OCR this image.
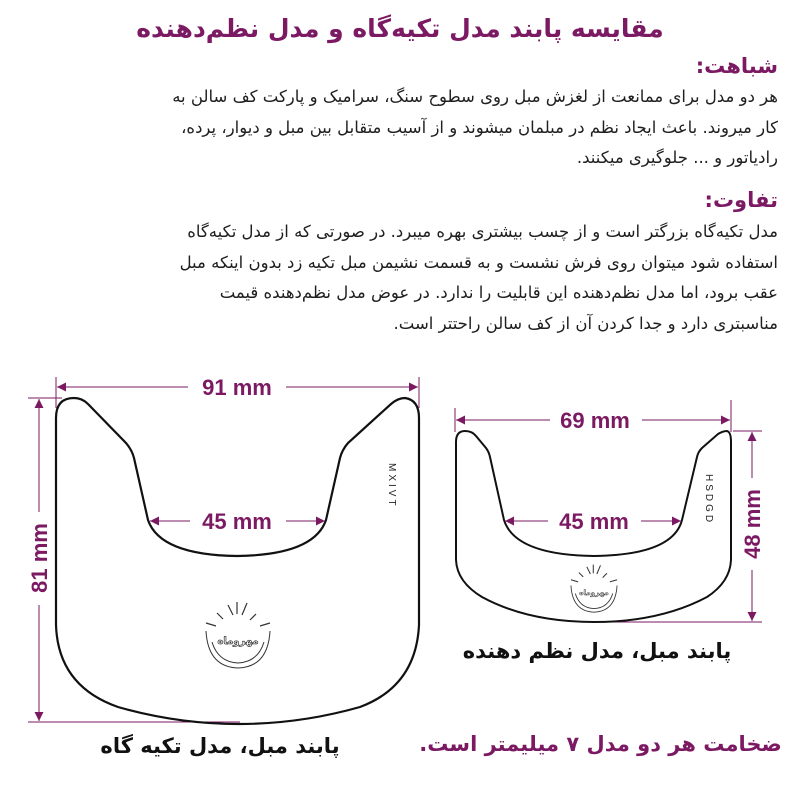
مقایسه پابند مدل تکیه‌گاه و مدل نظم‌دهنده
شباهت:

هر دو مدل برای ممانعت از لغزش مبل روی سطوح سنگ، سرامیک و پارکت کف سالن به
کار میروند. باعث ایجاد نظم در مبلمان میشوند و از آسیب متقابل بین مبل و دیوار، پرده،
رادیاتور و ... جلوگیری میکنند.

تفاوت:

مدل تکیه‌گاه بزرگتر است و از چسب بیشتری بهره میبرد. در صورتی که از مدل تکیه‌گاه
استفاده شود میتوان روی فرش نشست و به قسمت نشیمن مبل تکیه زد بدون اینکه مبل
عقب برود، اما مدل نظم‌دهنده این قابلیت را ندارد. در عوض مدل نظم‌دهنده قیمت
مناسبتری دارد و جدا کردن آن از کف سالن راحتتر است.

91 mm
81 mm
45 mm
MXIVT
مهروماه
69 mm
48 mm
45 mm	HSDGD
مهروماه

پابند مبل، مدل نظم دهنده

پابند مبل، مدل تکیه گاه	ضخامت هر دو مدل ۷ میلیمتر است.
